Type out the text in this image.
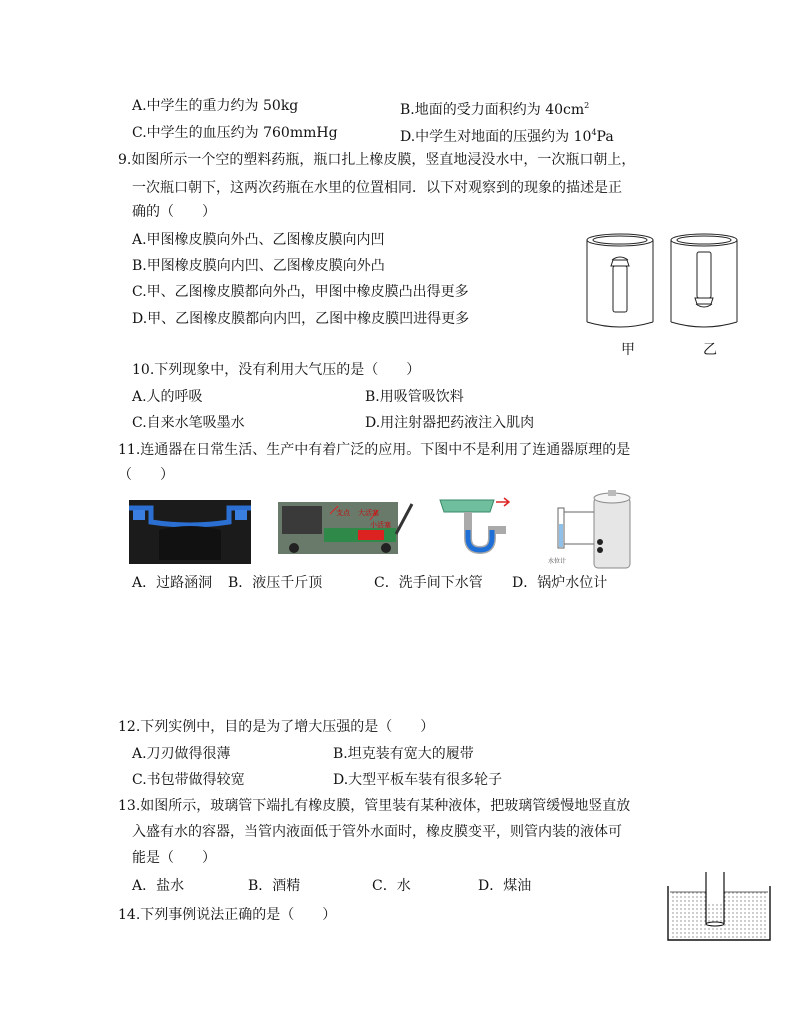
A.中学生的重力约为 50kg	B.地面的受力面积约为 $40cm^2$
C.中学生的血压约为 760mmHg	D.中学生对地面的压强约为 $10^4Pa$
9.如图所示一个空的塑料药瓶，瓶口扎上橡皮膜，竖直地浸没水中，一次瓶口朝上，
一次瓶口朝下，这两次药瓶在水里的位置相同．以下对观察到的现象的描述是正
确的（　　）
A.甲图橡皮膜向外凸、乙图橡皮膜向内凹
B.甲图橡皮膜向内凹、乙图橡皮膜向外凸
C.甲、乙图橡皮膜都向外凸，甲图中橡皮膜凸出得更多
D.甲、乙图橡皮膜都向内凹，乙图中橡皮膜凹进得更多
甲	乙
10.下列现象中，没有利用大气压的是（　　）
A.人的呼吸	B.用吸管吸饮料
C.自来水笔吸墨水	D.用注射器把药液注入肌肉
11.连通器在日常生活、生产中有着广泛的应用。下图中不是利用了连通器原理的是
（　　）
支点 大活塞
小活塞
水位计
A．过路涵洞 B．液压千斤顶	C．洗手间下水管 D．锅炉水位计
12.下列实例中，目的是为了增大压强的是（　　）
A.刀刃做得很薄	B.坦克装有宽大的履带
C.书包带做得较宽	D.大型平板车装有很多轮子
13.如图所示，玻璃管下端扎有橡皮膜，管里装有某种液体，把玻璃管缓慢地竖直放
入盛有水的容器，当管内液面低于管外水面时，橡皮膜变平，则管内装的液体可
能是（　　）
A．盐水	B．酒精	C．水	D．煤油
14.下列事例说法正确的是（　　）
